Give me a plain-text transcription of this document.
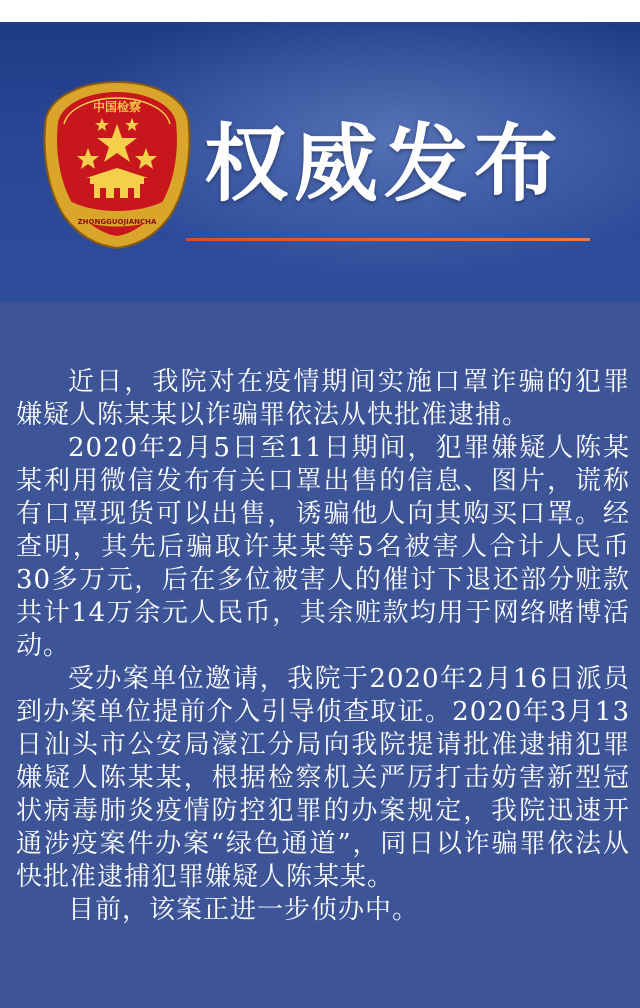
中国检察
ZHONGGUOJIANCHA
权威发布

近日，我院对在疫情期间实施口罩诈骗的犯罪嫌疑人陈某某以诈骗罪依法从快批准逮捕。

2020年2月5日至11日期间，犯罪嫌疑人陈某某利用微信发布有关口罩出售的信息、图片，谎称有口罩现货可以出售，诱骗他人向其购买口罩。经查明，其先后骗取许某某等5名被害人合计人民币30多万元，后在多位被害人的催讨下退还部分赃款共计14万余元人民币，其余赃款均用于网络赌博活动。

受办案单位邀请，我院于2020年2月16日派员到办案单位提前介入引导侦查取证。2020年3月13日汕头市公安局濠江分局向我院提请批准逮捕犯罪嫌疑人陈某某，根据检察机关严厉打击妨害新型冠状病毒肺炎疫情防控犯罪的办案规定，我院迅速开通涉疫案件办案“绿色通道”，同日以诈骗罪依法从快批准逮捕犯罪嫌疑人陈某某。

目前，该案正进一步侦办中。
